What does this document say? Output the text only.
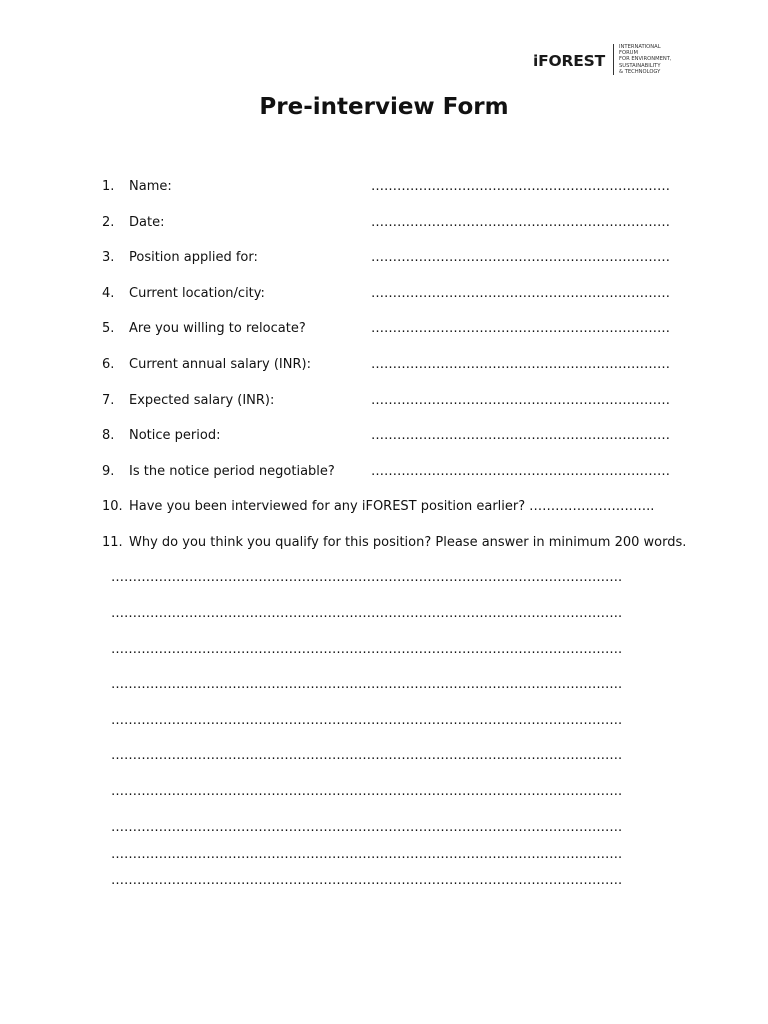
iFOREST
INTERNATIONAL
FORUM
FOR ENVIRONMENT,
SUSTAINABILITY
& TECHNOLOGY
Pre-interview Form
1. Name:	……………………………………………………………
2. Date:	……………………………………………………………
3. Position applied for:	……………………………………………………………
4. Current location/city:	……………………………………………………………
5. Are you willing to relocate?	……………………………………………………………
6. Current annual salary (INR):	……………………………………………………………
7. Expected salary (INR):	……………………………………………………………
8. Notice period:	……………………………………………………………
9. Is the notice period negotiable?	……………………………………………………………
10. Have you been interviewed for any iFOREST position earlier? ………………………..
11. Why do you think you qualify for this position? Please answer in minimum 200 words.
……………………………………………………………………………………………………….
……………………………………………………………………………………………………….
……………………………………………………………………………………………………….
……………………………………………………………………………………………………….
……………………………………………………………………………………………………….
……………………………………………………………………………………………………….
……………………………………………………………………………………………………….
……………………………………………………………………………………………………….
……………………………………………………………………………………………………….
……………………………………………………………………………………………………….
